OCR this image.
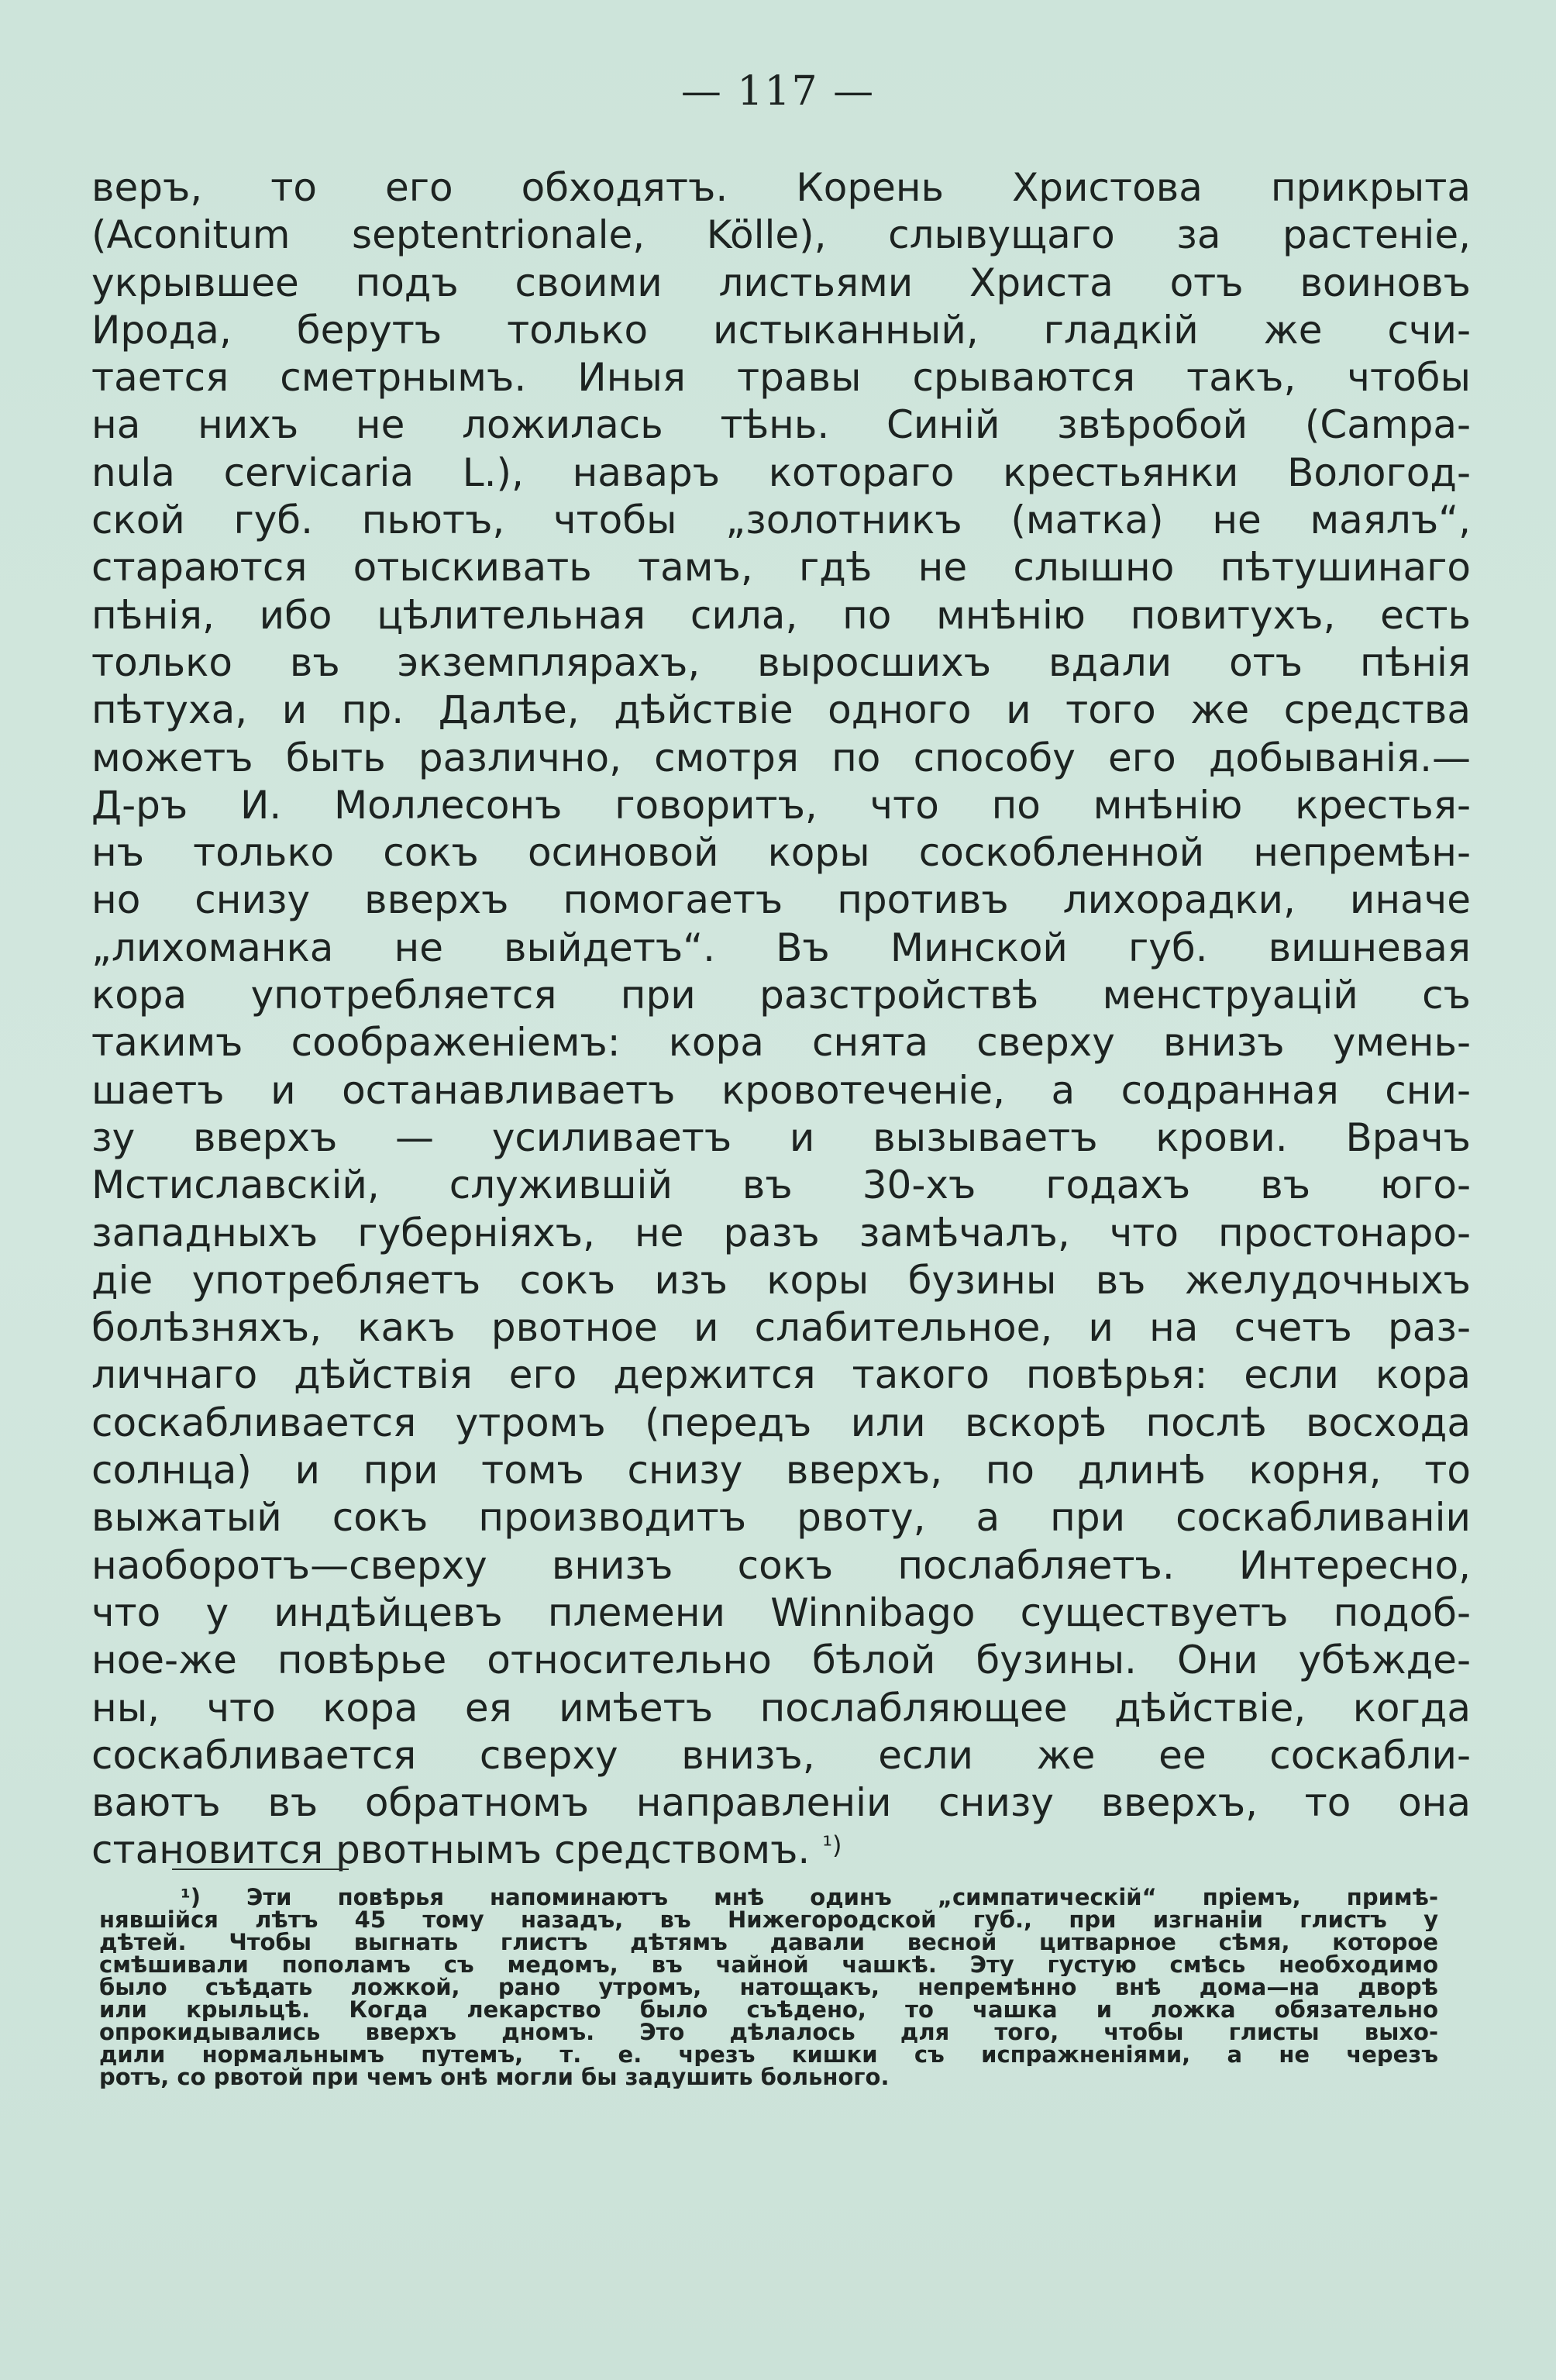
— 117 —
веръ, то его обходятъ. Корень Христова прикрыта
(Aconitum septentrionale, Kölle), слывущаго за растеніе,
укрывшее подъ своими листьями Христа отъ воиновъ
Ирода, берутъ только истыканный, гладкій же счи-
тается сметрнымъ. Иныя травы срываются такъ, чтобы
на нихъ не ложилась тѣнь. Синій звѣробой (Campa-
nula cervicaria L.), наваръ котораго крестьянки Вологод-
ской губ. пьютъ, чтобы „золотникъ (матка) не маялъ“,
стараются отыскивать тамъ, гдѣ не слышно пѣтушинаго
пѣнія, ибо цѣлительная сила, по мнѣнію повитухъ, есть
только въ экземплярахъ, выросшихъ вдали отъ пѣнія
пѣтуха, и пр. Далѣе, дѣйствіе одного и того же средства
можетъ быть различно, смотря по способу его добыванія.—
Д-ръ И. Моллесонъ говоритъ, что по мнѣнію крестья-
нъ только сокъ осиновой коры соскобленной непремѣн-
но снизу вверхъ помогаетъ противъ лихорадки, иначе
„лихоманка не выйдетъ“. Въ Минской губ. вишневая
кора употребляется при разстройствѣ менструацій съ
такимъ соображеніемъ: кора снята сверху внизъ умень-
шаетъ и останавливаетъ кровотеченіе, а содранная сни-
зу вверхъ — усиливаетъ и вызываетъ крови. Врачъ
Мстиславскій, служившій въ 30-хъ годахъ въ юго-
западныхъ губерніяхъ, не разъ замѣчалъ, что простонаро-
діе употребляетъ сокъ изъ коры бузины въ желудочныхъ
болѣзняхъ, какъ рвотное и слабительное, и на счетъ раз-
личнаго дѣйствія его держится такого повѣрья: если кора
соскабливается утромъ (передъ или вскорѣ послѣ восхода
солнца) и при томъ снизу вверхъ, по длинѣ корня, то
выжатый сокъ производитъ рвоту, а при соскабливаніи
наоборотъ—сверху внизъ сокъ послабляетъ. Интересно,
что у индѣйцевъ племени Winnibago существуетъ подоб-
ное-же повѣрье относительно бѣлой бузины. Они убѣжде-
ны, что кора ея имѣетъ послабляющее дѣйствіе, когда
соскабливается сверху внизъ, если же ее соскабли-
ваютъ въ обратномъ направленіи снизу вверхъ, то она
становится рвотнымъ средствомъ. $^{^1)}$
¹) Эти повѣрья напоминаютъ мнѣ одинъ „симпатическій“ пріемъ, примѣ-
нявшійся лѣтъ 45 тому назадъ, въ Нижегородской губ., при изгнаніи глистъ у
дѣтей. Чтобы выгнать глистъ дѣтямъ давали весной цитварное сѣмя, которое
смѣшивали пополамъ съ медомъ, въ чайной чашкѣ. Эту густую смѣсь необходимо
было съѣдать ложкой, рано утромъ, натощакъ, непремѣнно внѣ дома—на дворѣ
или крыльцѣ. Когда лекарство было съѣдено, то чашка и ложка обязательно
опрокидывались вверхъ дномъ. Это дѣлалось для того, чтобы глисты выхо-
дили нормальнымъ путемъ, т. е. чрезъ кишки съ испражненіями, а не черезъ
ротъ, со рвотой при чемъ онѣ могли бы задушить больного.
